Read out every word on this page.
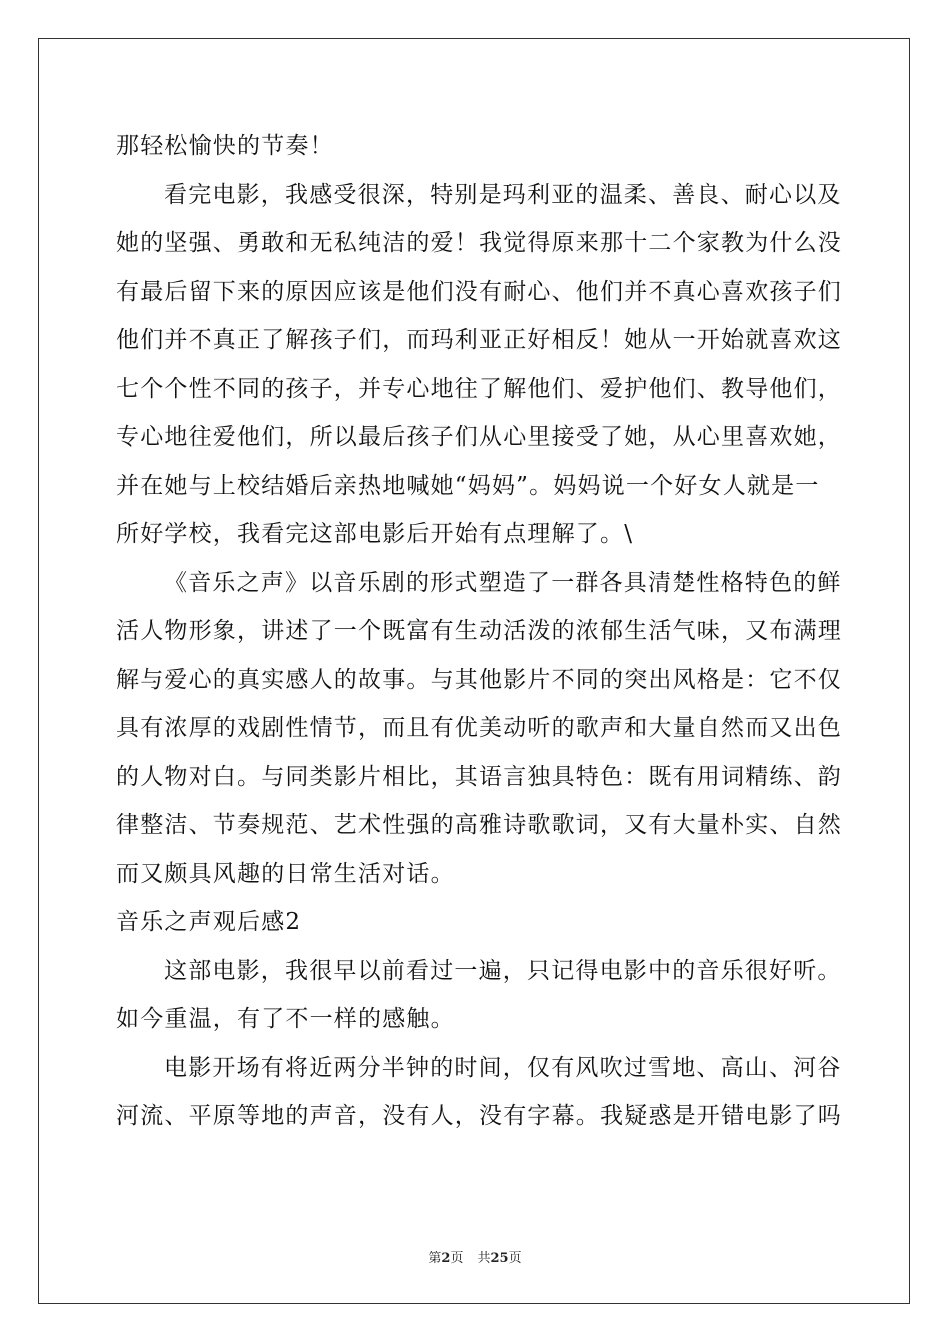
那轻松愉快的节奏！
看完电影，我感受很深，特别是玛利亚的温柔、善良、耐心以及
她的坚强、勇敢和无私纯洁的爱！我觉得原来那十二个家教为什么没
有最后留下来的原因应该是他们没有耐心、他们并不真心喜欢孩子们
他们并不真正了解孩子们，而玛利亚正好相反！她从一开始就喜欢这
七个个性不同的孩子，并专心地往了解他们、爱护他们、教导他们，
专心地往爱他们，所以最后孩子们从心里接受了她，从心里喜欢她，
并在她与上校结婚后亲热地喊她“妈妈”。妈妈说一个好女人就是一
所好学校，我看完这部电影后开始有点理解了。\
《音乐之声》以音乐剧的形式塑造了一群各具清楚性格特色的鲜
活人物形象，讲述了一个既富有生动活泼的浓郁生活气味，又布满理
解与爱心的真实感人的故事。与其他影片不同的突出风格是：它不仅
具有浓厚的戏剧性情节，而且有优美动听的歌声和大量自然而又出色
的人物对白。与同类影片相比，其语言独具特色：既有用词精练、韵
律整洁、节奏规范、艺术性强的高雅诗歌歌词，又有大量朴实、自然
而又颇具风趣的日常生活对话。
音乐之声观后感2
这部电影，我很早以前看过一遍，只记得电影中的音乐很好听。
如今重温，有了不一样的感触。
电影开场有将近两分半钟的时间，仅有风吹过雪地、高山、河谷
河流、平原等地的声音，没有人，没有字幕。我疑惑是开错电影了吗
第2页 共25页
